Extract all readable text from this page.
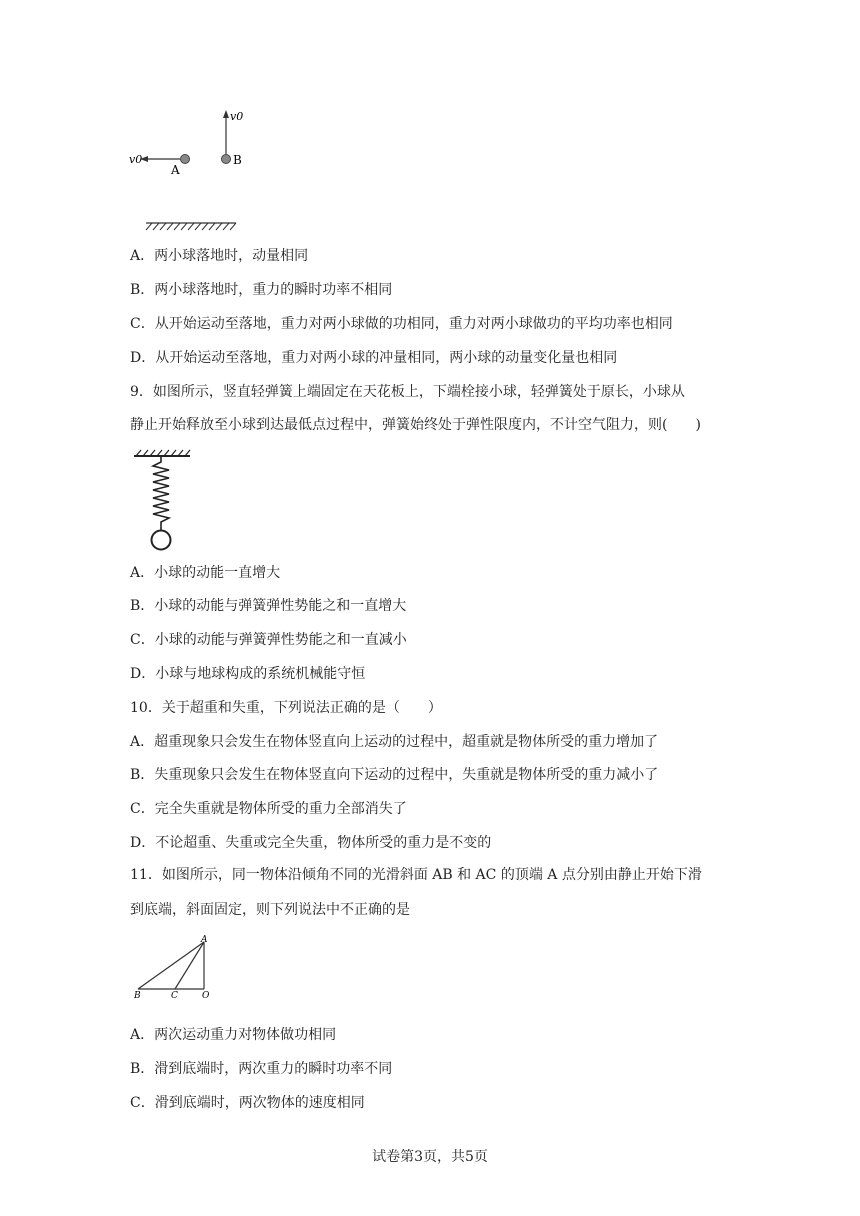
v0
B
v0
A
A．两小球落地时，动量相同
B．两小球落地时，重力的瞬时功率不相同
C．从开始运动至落地，重力对两小球做的功相同，重力对两小球做功的平均功率也相同
D．从开始运动至落地，重力对两小球的冲量相同，两小球的动量变化量也相同
9．如图所示，竖直轻弹簧上端固定在天花板上，下端栓接小球，轻弹簧处于原长，小球从
静止开始释放至小球到达最低点过程中，弹簧始终处于弹性限度内，不计空气阻力，则(　　)
A．小球的动能一直增大
B．小球的动能与弹簧弹性势能之和一直增大
C．小球的动能与弹簧弹性势能之和一直减小
D．小球与地球构成的系统机械能守恒
10．关于超重和失重，下列说法正确的是（　　）
A．超重现象只会发生在物体竖直向上运动的过程中，超重就是物体所受的重力增加了
B．失重现象只会发生在物体竖直向下运动的过程中，失重就是物体所受的重力减小了
C．完全失重就是物体所受的重力全部消失了
D．不论超重、失重或完全失重，物体所受的重力是不变的
11．如图所示，同一物体沿倾角不同的光滑斜面 AB 和 AC 的顶端 A 点分别由静止开始下滑
到底端，斜面固定，则下列说法中不正确的是
A
B	C	O
A．两次运动重力对物体做功相同
B．滑到底端时，两次重力的瞬时功率不同
C．滑到底端时，两次物体的速度相同
试卷第3页，共5页
